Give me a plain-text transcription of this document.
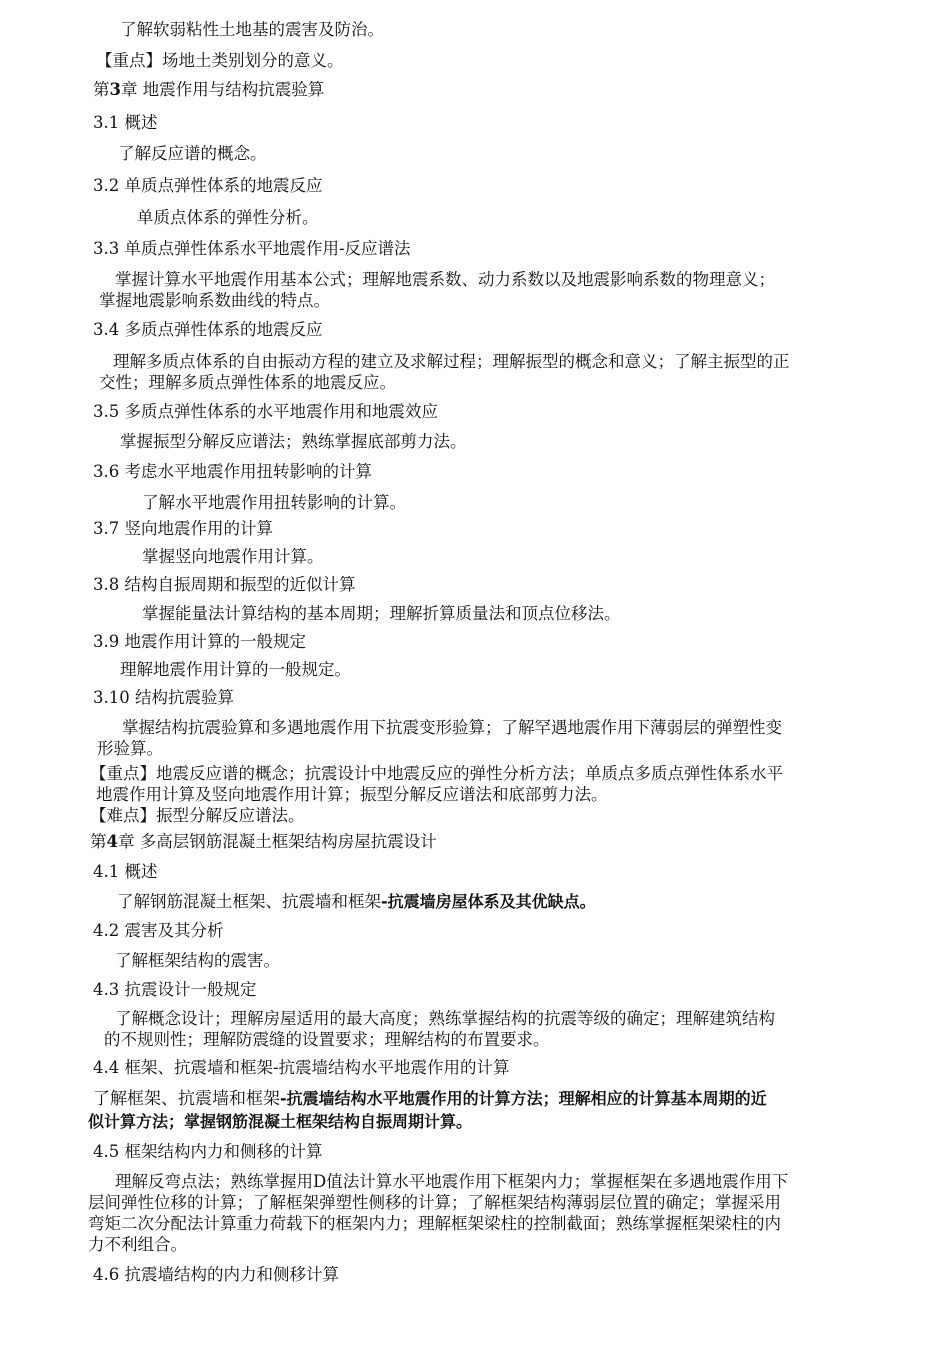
了解软弱粘性土地基的震害及防治。
【重点】场地土类别划分的意义。
第3章 地震作用与结构抗震验算
3.1 概述
了解反应谱的概念。
3.2 单质点弹性体系的地震反应
单质点体系的弹性分析。
3.3 单质点弹性体系水平地震作用-反应谱法
掌握计算水平地震作用基本公式；理解地震系数、动力系数以及地震影响系数的物理意义；
掌握地震影响系数曲线的特点。
3.4 多质点弹性体系的地震反应
理解多质点体系的自由振动方程的建立及求解过程；理解振型的概念和意义；了解主振型的正
交性；理解多质点弹性体系的地震反应。
3.5 多质点弹性体系的水平地震作用和地震效应
掌握振型分解反应谱法；熟练掌握底部剪力法。
3.6 考虑水平地震作用扭转影响的计算
了解水平地震作用扭转影响的计算。
3.7 竖向地震作用的计算
掌握竖向地震作用计算。
3.8 结构自振周期和振型的近似计算
掌握能量法计算结构的基本周期；理解折算质量法和顶点位移法。
3.9 地震作用计算的一般规定
理解地震作用计算的一般规定。
3.10 结构抗震验算
掌握结构抗震验算和多遇地震作用下抗震变形验算；了解罕遇地震作用下薄弱层的弹塑性变
形验算。
【重点】地震反应谱的概念；抗震设计中地震反应的弹性分析方法；单质点多质点弹性体系水平
地震作用计算及竖向地震作用计算；振型分解反应谱法和底部剪力法。
【难点】振型分解反应谱法。
第4章 多高层钢筋混凝土框架结构房屋抗震设计
4.1 概述
了解钢筋混凝土框架、抗震墙和框架-抗震墙房屋体系及其优缺点。
4.2 震害及其分析
了解框架结构的震害。
4.3 抗震设计一般规定
了解概念设计；理解房屋适用的最大高度；熟练掌握结构的抗震等级的确定；理解建筑结构
的不规则性；理解防震缝的设置要求；理解结构的布置要求。
4.4 框架、抗震墙和框架-抗震墙结构水平地震作用的计算
了解框架、抗震墙和框架-抗震墙结构水平地震作用的计算方法；理解相应的计算基本周期的近
似计算方法；掌握钢筋混凝土框架结构自振周期计算。
4.5 框架结构内力和侧移的计算
理解反弯点法；熟练掌握用D值法计算水平地震作用下框架内力；掌握框架在多遇地震作用下
层间弹性位移的计算；了解框架弹塑性侧移的计算；了解框架结构薄弱层位置的确定；掌握采用
弯矩二次分配法计算重力荷载下的框架内力；理解框架梁柱的控制截面；熟练掌握框架梁柱的内
力不利组合。
4.6 抗震墙结构的内力和侧移计算
